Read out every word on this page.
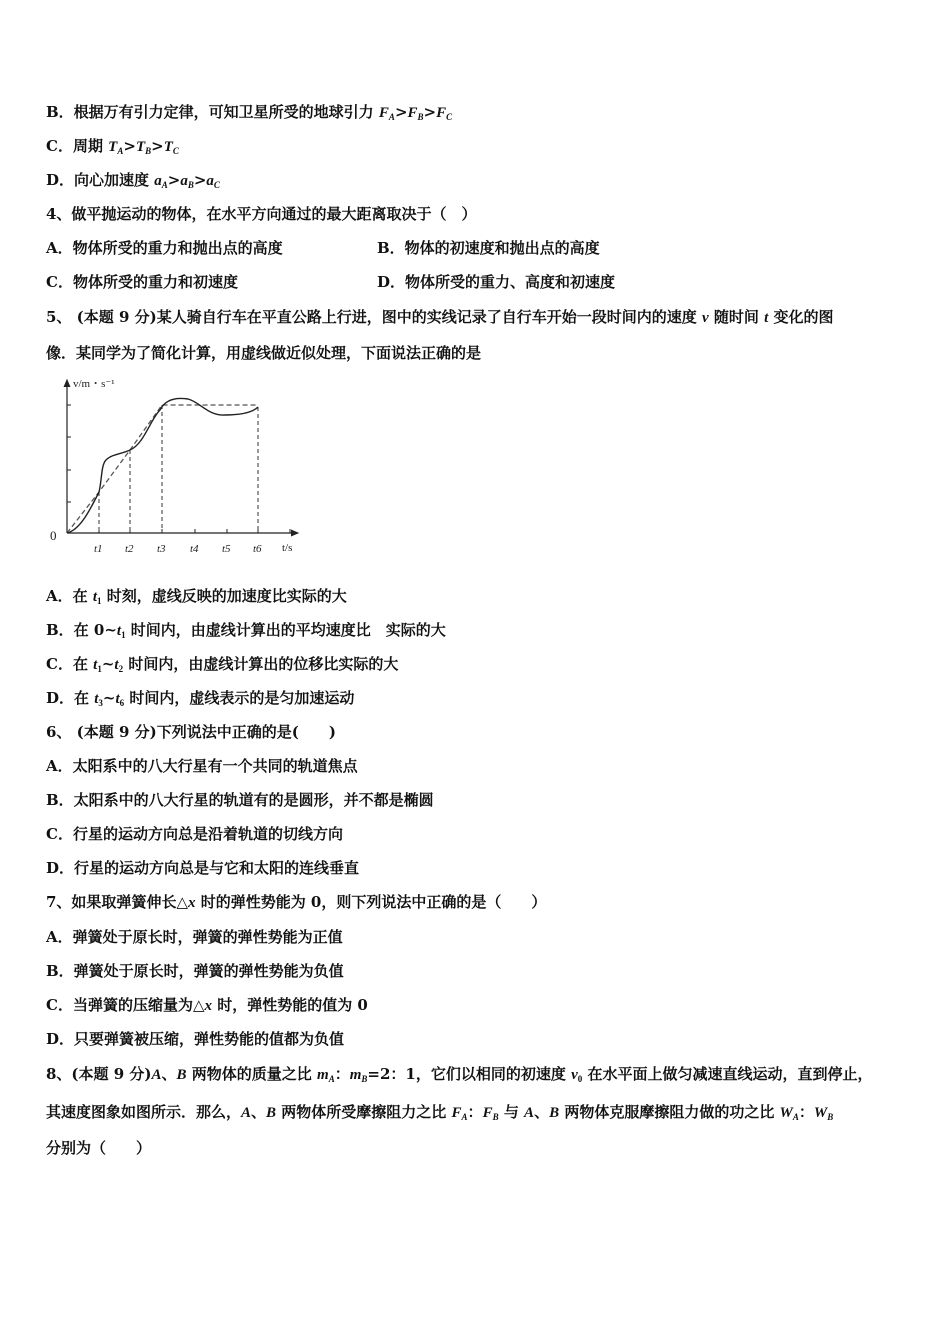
B．根据万有引力定律，可知卫星所受的地球引力 $F_A>F_B>F_C$
C．周期 $T_A>T_B>T_C$
D．向心加速度 $a_A>a_B>a_C$
4、做平抛运动的物体，在水平方向通过的最大距离取决于（　）
A．物体所受的重力和抛出点的高度	B．物体的初速度和抛出点的高度
C．物体所受的重力和初速度	D．物体所受的重力、高度和初速度
5、 (本题 9 分)某人骑自行车在平直公路上行进，图中的实线记录了自行车开始一段时间内的速度 v 随时间 t 变化的图
像．某同学为了简化计算，用虚线做近似处理，下面说法正确的是
v/m・s⁻¹
t/s
0
t1 t2 t3 t4 t5 t6
A．在 $t_1$ 时刻，虚线反映的加速度比实际的大
B．在 $0\sim t_1$ 时间内，由虚线计算出的平均速度比　实际的大
C．在 $t_1\sim t_2$ 时间内，由虚线计算出的位移比实际的大
D．在 $t_3\sim t_6$ 时间内，虚线表示的是匀加速运动
6、 (本题 9 分)下列说法中正确的是(　　)
A．太阳系中的八大行星有一个共同的轨道焦点
B．太阳系中的八大行星的轨道有的是圆形，并不都是椭圆
C．行星的运动方向总是沿着轨道的切线方向
D．行星的运动方向总是与它和太阳的连线垂直
7、如果取弹簧伸长△x 时的弹性势能为 0，则下列说法中正确的是（　　）
A．弹簧处于原长时，弹簧的弹性势能为正值
B．弹簧处于原长时，弹簧的弹性势能为负值
C．当弹簧的压缩量为△x 时，弹性势能的值为 0
D．只要弹簧被压缩，弹性势能的值都为负值
8、(本题 9 分)A、B 两物体的质量之比 $m_A$：$m_B=2$：1，它们以相同的初速度 $v_0$ 在水平面上做匀减速直线运动，直到停止，
其速度图象如图所示．那么，A、B 两物体所受摩擦阻力之比 $F_A$：$F_B$ 与 A、B 两物体克服摩擦阻力做的功之比 $W_A$：$W_B$
分别为（　　）
